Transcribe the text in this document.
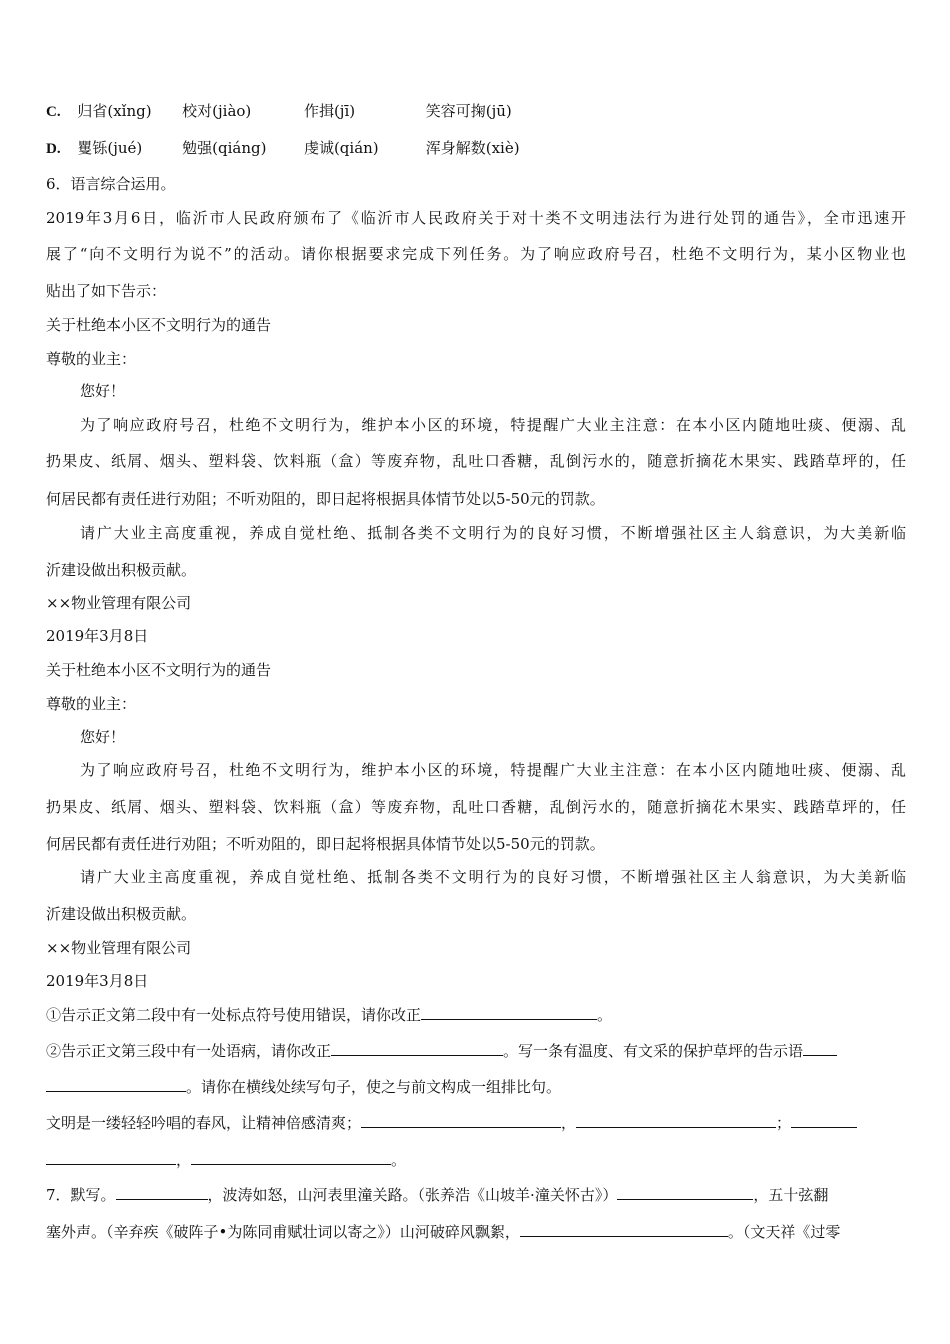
C. 归省(xǐng) 校对(jiào)	作揖(jī)	笑容可掬(jū)
D. 矍铄(jué)	勉强(qiáng) 虔诚(qián)	浑身解数(xiè)
6．语言综合运用。
2019年3月6日，临沂市人民政府颁布了《临沂市人民政府关于对十类不文明违法行为进行处罚的通告》，全市迅速开
展了“向不文明行为说不”的活动。请你根据要求完成下列任务。为了响应政府号召，杜绝不文明行为，某小区物业也
贴出了如下告示：
关于杜绝本小区不文明行为的通告
尊敬的业主：
您好！
为了响应政府号召，杜绝不文明行为，维护本小区的环境，特提醒广大业主注意：在本小区内随地吐痰、便溺、乱
扔果皮、纸屑、烟头、塑料袋、饮料瓶（盒）等废弃物，乱吐口香糖，乱倒污水的，随意折摘花木果实、践踏草坪的，任
何居民都有责任进行劝阻；不听劝阻的，即日起将根据具体情节处以5-50元的罚款。
请广大业主高度重视，养成自觉杜绝、抵制各类不文明行为的良好习惯，不断增强社区主人翁意识，为大美新临
沂建设做出积极贡献。
××物业管理有限公司
2019年3月8日
关于杜绝本小区不文明行为的通告
尊敬的业主：
您好！
为了响应政府号召，杜绝不文明行为，维护本小区的环境，特提醒广大业主注意：在本小区内随地吐痰、便溺、乱
扔果皮、纸屑、烟头、塑料袋、饮料瓶（盒）等废弃物，乱吐口香糖，乱倒污水的，随意折摘花木果实、践踏草坪的，任
何居民都有责任进行劝阻；不听劝阻的，即日起将根据具体情节处以5-50元的罚款。
请广大业主高度重视，养成自觉杜绝、抵制各类不文明行为的良好习惯，不断增强社区主人翁意识，为大美新临
沂建设做出积极贡献。
××物业管理有限公司
2019年3月8日
①告示正文第二段中有一处标点符号使用错误，请你改正	。
②告示正文第三段中有一处语病，请你改正	。写一条有温度、有文采的保护草坪的告示语
。请你在横线处续写句子，使之与前文构成一组排比句。
文明是一缕轻轻吟唱的春风，让精神倍感清爽；	，	；
，	。
7．默写。	，波涛如怒，山河表里潼关路。（张养浩《山坡羊·潼关怀古》）	，五十弦翻
塞外声。（辛弃疾《破阵子•为陈同甫赋壮词以寄之》）山河破碎风飘絮，	。（文天祥《过零
